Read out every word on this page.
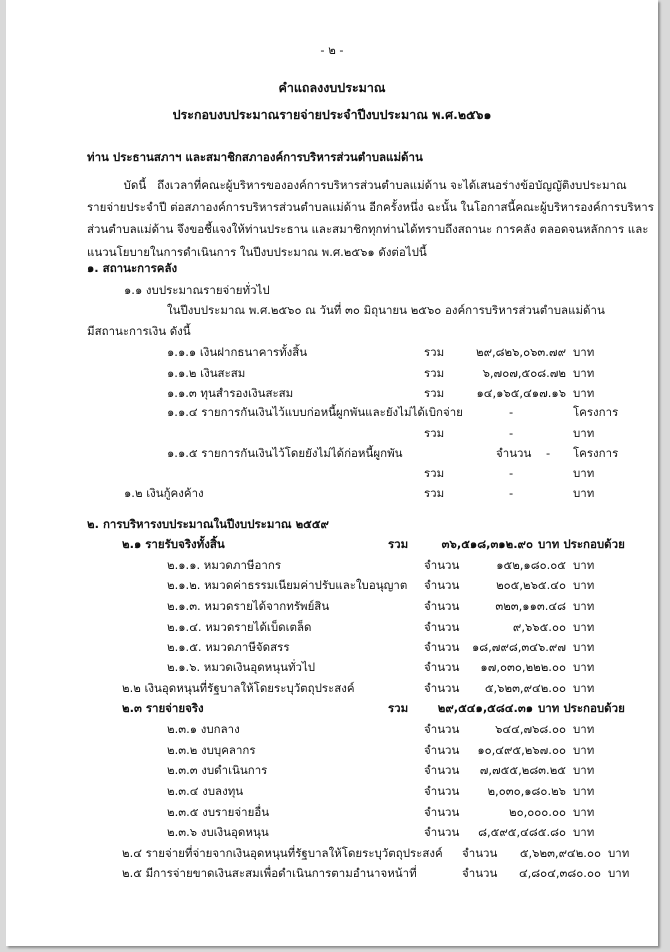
- ๒ -
คำแถลงงบประมาณ
ประกอบงบประมาณรายจ่ายประจำปีงบประมาณ พ.ศ.๒๕๖๑
ท่าน ประธานสภาฯ และสมาชิกสภาองค์การบริหารส่วนตำบลแม่ด้าน
บัดนี้   ถึงเวลาที่คณะผู้บริหารขององค์การบริหารส่วนตำบลแม่ด้าน จะได้เสนอร่างข้อบัญญัติงบประมาณ
รายจ่ายประจำปี ต่อสภาองค์การบริหารส่วนตำบลแม่ด้าน อีกครั้งหนึ่ง ฉะนั้น ในโอกาสนี้คณะผู้บริหารองค์การบริหาร
ส่วนตำบลแม่ด้าน จึงขอชี้แจงให้ท่านประธาน และสมาชิกทุกท่านได้ทราบถึงสถานะ การคลัง ตลอดจนหลักการ และ
แนวนโยบายในการดำเนินการ ในปีงบประมาณ พ.ศ.๒๕๖๑ ดังต่อไปนี้
๑. สถานะการคลัง
๑.๑ งบประมาณรายจ่ายทั่วไป
ในปีงบประมาณ พ.ศ.๒๕๖๐ ณ วันที่ ๓๐ มิถุนายน ๒๕๖๐ องค์การบริหารส่วนตำบลแม่ด้าน
มีสถานะการเงิน ดังนี้
๑.๑.๑ เงินฝากธนาคารทั้งสิ้น	รวม	๒๙,๘๒๖,๐๖๓.๗๙ บาท
๑.๑.๒ เงินสะสม	รวม	๖,๗๐๗,๕๐๘.๗๒ บาท
๑.๑.๓ ทุนสำรองเงินสะสม	รวม	๑๔,๑๖๕,๔๑๗.๑๖ บาท
๑.๑.๔ รายการกันเงินไว้แบบก่อหนี้ผูกพันและยังไม่ได้เบิกจ่าย	-	โครงการ
รวม	-	บาท
๑.๑.๕ รายการกันเงินไว้โดยยังไม่ได้ก่อหนี้ผูกพัน	จำนวน - โครงการ
รวม	-	บาท
๑.๒ เงินกู้คงค้าง	รวม	-	บาท
๒. การบริหารงบประมาณในปีงบประมาณ ๒๕๕๙
๒.๑ รายรับจริงทั้งสิ้น	รวม	๓๖,๕๑๘,๓๑๒.๙๐ บาท ประกอบด้วย
๒.๑.๑. หมวดภาษีอากร	จำนวน	๑๕๒,๑๘๐.๐๕ บาท
๒.๑.๒. หมวดค่าธรรมเนียมค่าปรับและใบอนุญาต จำนวน	๒๐๕,๒๖๕.๔๐ บาท
๒.๑.๓. หมวดรายได้จากทรัพย์สิน	จำนวน	๓๒๓,๑๑๓.๔๘ บาท
๒.๑.๔. หมวดรายได้เบ็ดเตล็ด	จำนวน	๙,๖๖๕.๐๐ บาท
๒.๑.๕. หมวดภาษีจัดสรร	จำนวน	๑๘,๗๙๘,๓๔๖.๙๗ บาท
๒.๑.๖. หมวดเงินอุดหนุนทั่วไป	จำนวน	๑๗,๐๓๐,๒๒๒.๐๐ บาท
๒.๒ เงินอุดหนุนที่รัฐบาลให้โดยระบุวัตถุประสงค์	จำนวน	๕,๖๒๓,๙๔๒.๐๐ บาท
๒.๓ รายจ่ายจริง	รวม	๒๙,๕๔๑,๕๘๔.๓๑ บาท ประกอบด้วย
๒.๓.๑ งบกลาง	จำนวน	๖๔๔,๗๖๘.๐๐ บาท
๒.๓.๒ งบบุคลากร	จำนวน	๑๐,๔๙๕,๒๖๗.๐๐ บาท
๒.๓.๓ งบดำเนินการ	จำนวน	๗,๗๕๕,๒๘๓.๒๕ บาท
๒.๓.๔ งบลงทุน	จำนวน	๒,๐๓๐,๑๘๐.๒๖ บาท
๒.๓.๕ งบรายจ่ายอื่น	จำนวน	๒๐,๐๐๐.๐๐ บาท
๒.๓.๖ งบเงินอุดหนุน	จำนวน	๘,๕๙๕,๔๘๕.๘๐ บาท
๒.๔ รายจ่ายที่จ่ายจากเงินอุดหนุนที่รัฐบาลให้โดยระบุวัตถุประสงค์ จำนวน	๕,๖๒๓,๙๔๒.๐๐ บาท
๒.๕ มีการจ่ายขาดเงินสะสมเพื่อดำเนินการตามอำนาจหน้าที่	จำนวน	๔,๘๐๔,๓๘๐.๐๐ บาท
